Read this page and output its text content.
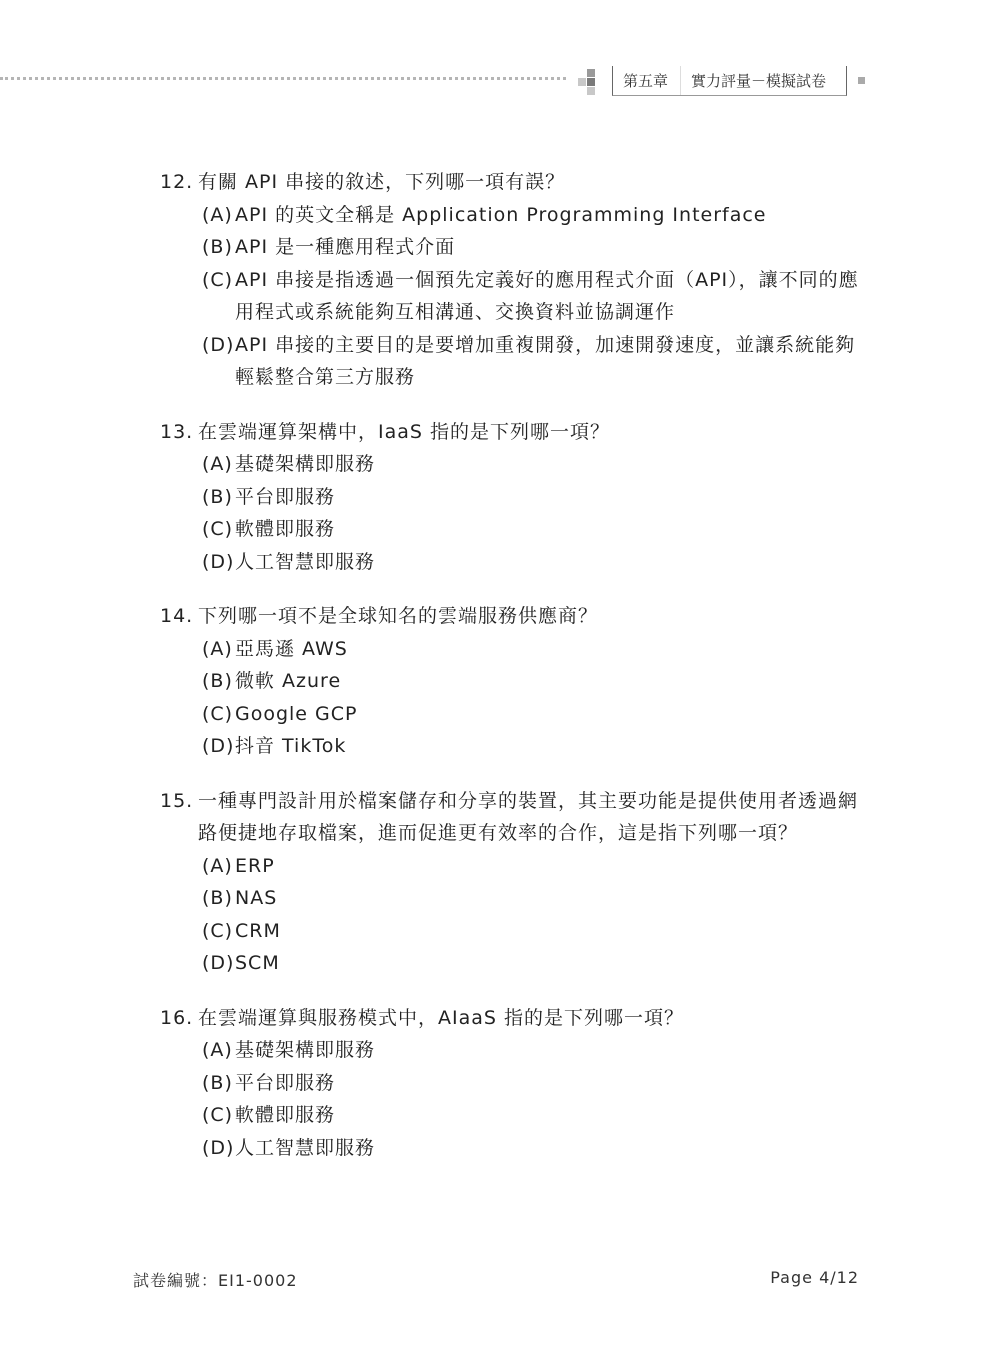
第五章	實力評量－模擬試卷
12. 有關 API 串接的敘述，下列哪一項有誤？
(A) API 的英文全稱是 Application Programming Interface
(B) API 是一種應用程式介面
(C) API 串接是指透過一個預先定義好的應用程式介面（API），讓不同的應用程式或系統能夠互相溝通、交換資料並協調運作
(D) API 串接的主要目的是要增加重複開發，加速開發速度，並讓系統能夠輕鬆整合第三方服務
13. 在雲端運算架構中，IaaS 指的是下列哪一項？
(A) 基礎架構即服務
(B) 平台即服務
(C) 軟體即服務
(D) 人工智慧即服務
14. 下列哪一項不是全球知名的雲端服務供應商？
(A) 亞馬遜 AWS
(B) 微軟 Azure
(C) Google GCP
(D) 抖音 TikTok
15. 一種專門設計用於檔案儲存和分享的裝置，其主要功能是提供使用者透過網路便捷地存取檔案，進而促進更有效率的合作，這是指下列哪一項？
(A) ERP
(B) NAS
(C) CRM
(D) SCM
16. 在雲端運算與服務模式中，AIaaS 指的是下列哪一項？
(A) 基礎架構即服務
(B) 平台即服務
(C) 軟體即服務
(D) 人工智慧即服務
試卷編號：EI1-0002	Page 4/12
